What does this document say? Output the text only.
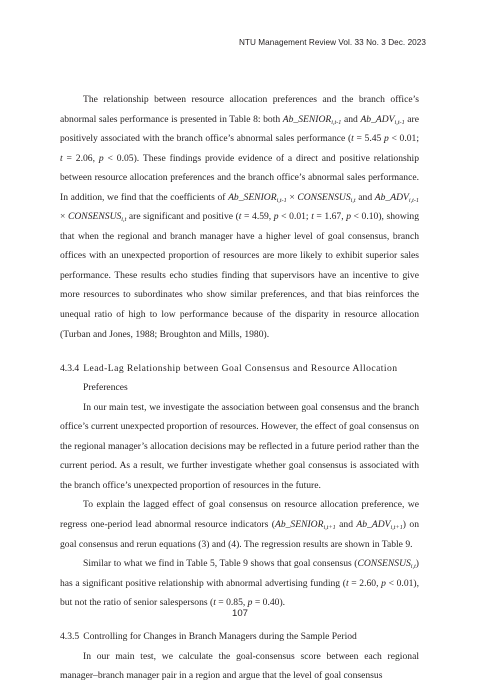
NTU Management Review Vol. 33 No. 3 Dec. 2023

The relationship between resource allocation preferences and the branch office’s abnormal sales performance is presented in Table 8: both $Ab\_SENIOR_{i,t-1}$ and $Ab\_ADV_{i,t-1}$ are positively associated with the branch office’s abnormal sales performance (t = 5.45 p < 0.01; t = 2.06, p < 0.05). These findings provide evidence of a direct and positive relationship between resource allocation preferences and the branch office’s abnormal sales performance. In addition, we find that the coefficients of $Ab\_SENIOR_{i,t-1}$ × $CONSENSUS_{i,t}$ and $Ab\_ADV_{i,t-1}$ × $CONSENSUS_{i,t}$ are significant and positive (t = 4.59, p < 0.01; t = 1.67, p < 0.10), showing that when the regional and branch manager have a higher level of goal consensus, branch offices with an unexpected proportion of resources are more likely to exhibit superior sales performance. These results echo studies finding that supervisors have an incentive to give more resources to subordinates who show similar preferences, and that bias reinforces the unequal ratio of high to low performance because of the disparity in resource allocation (Turban and Jones, 1988; Broughton and Mills, 1980).

4.3.4 Lead-Lag Relationship between Goal Consensus and Resource Allocation
Preferences

In our main test, we investigate the association between goal consensus and the branch office’s current unexpected proportion of resources. However, the effect of goal consensus on the regional manager’s allocation decisions may be reflected in a future period rather than the current period. As a result, we further investigate whether goal consensus is associated with the branch office’s unexpected proportion of resources in the future.

To explain the lagged effect of goal consensus on resource allocation preference, we regress one-period lead abnormal resource indicators ($Ab\_SENIOR_{i,t+1}$ and $Ab\_ADV_{i,t+1}$) on goal consensus and rerun equations (3) and (4). The regression results are shown in Table 9.

Similar to what we find in Table 5, Table 9 shows that goal consensus $(CONSENSUS_{i,t})$ has a significant positive relationship with abnormal advertising funding (t = 2.60, p < 0.01), but not the ratio of senior salespersons (t = 0.85, p = 0.40).

4.3.5 Controlling for Changes in Branch Managers during the Sample Period

In our main test, we calculate the goal-consensus score between each regional manager–branch manager pair in a region and argue that the level of goal consensus

107
